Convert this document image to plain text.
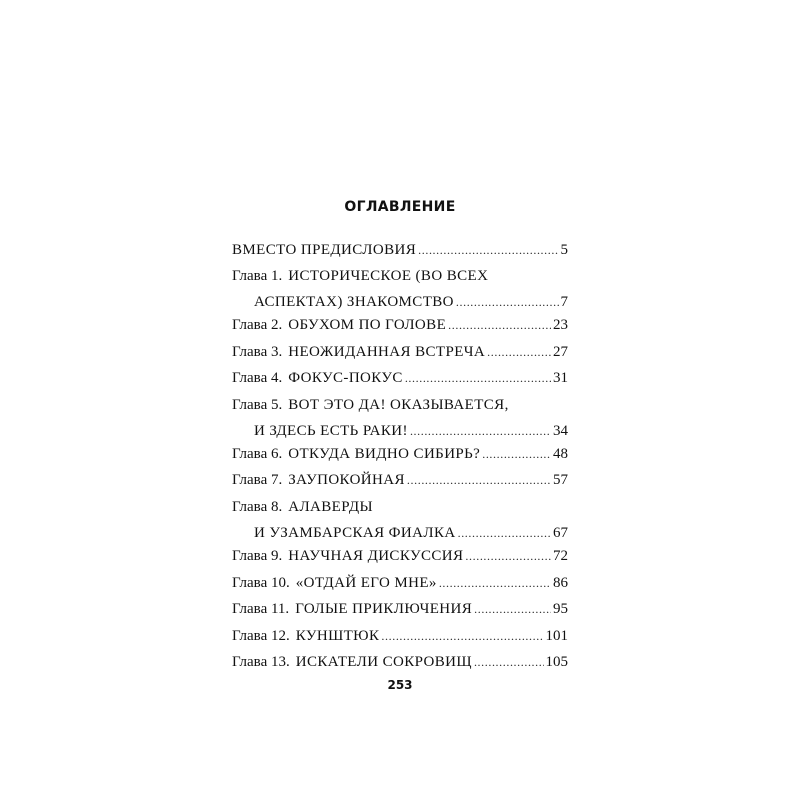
ОГЛАВЛЕНИЕ
ВМЕСТО ПРЕДИСЛОВИЯ .....	5
Глава 1. ИСТОРИЧЕСКОЕ (ВО ВСЕХ
АСПЕКТАХ) ЗНАКОМСТВО .....	7
Глава 2. ОБУХОМ ПО ГОЛОВЕ .....	23
Глава 3. НЕОЖИДАННАЯ ВСТРЕЧА .....	27
Глава 4. ФОКУС-ПОКУС .....	31
Глава 5. ВОТ ЭТО ДА! ОКАЗЫВАЕТСЯ,
И ЗДЕСЬ ЕСТЬ РАКИ! .....	34
Глава 6. ОТКУДА ВИДНО СИБИРЬ? .....	48
Глава 7. ЗАУПОКОЙНАЯ .....	57
Глава 8. АЛАВЕРДЫ
И УЗАМБАРСКАЯ ФИАЛКА .....	67
Глава 9. НАУЧНАЯ ДИСКУССИЯ .....	72
Глава 10. «ОТДАЙ ЕГО МНЕ» .....	86
Глава 11. ГОЛЫЕ ПРИКЛЮЧЕНИЯ .....	95
Глава 12. КУНШТЮК .....	101
Глава 13. ИСКАТЕЛИ СОКРОВИЩ .....	105
253
